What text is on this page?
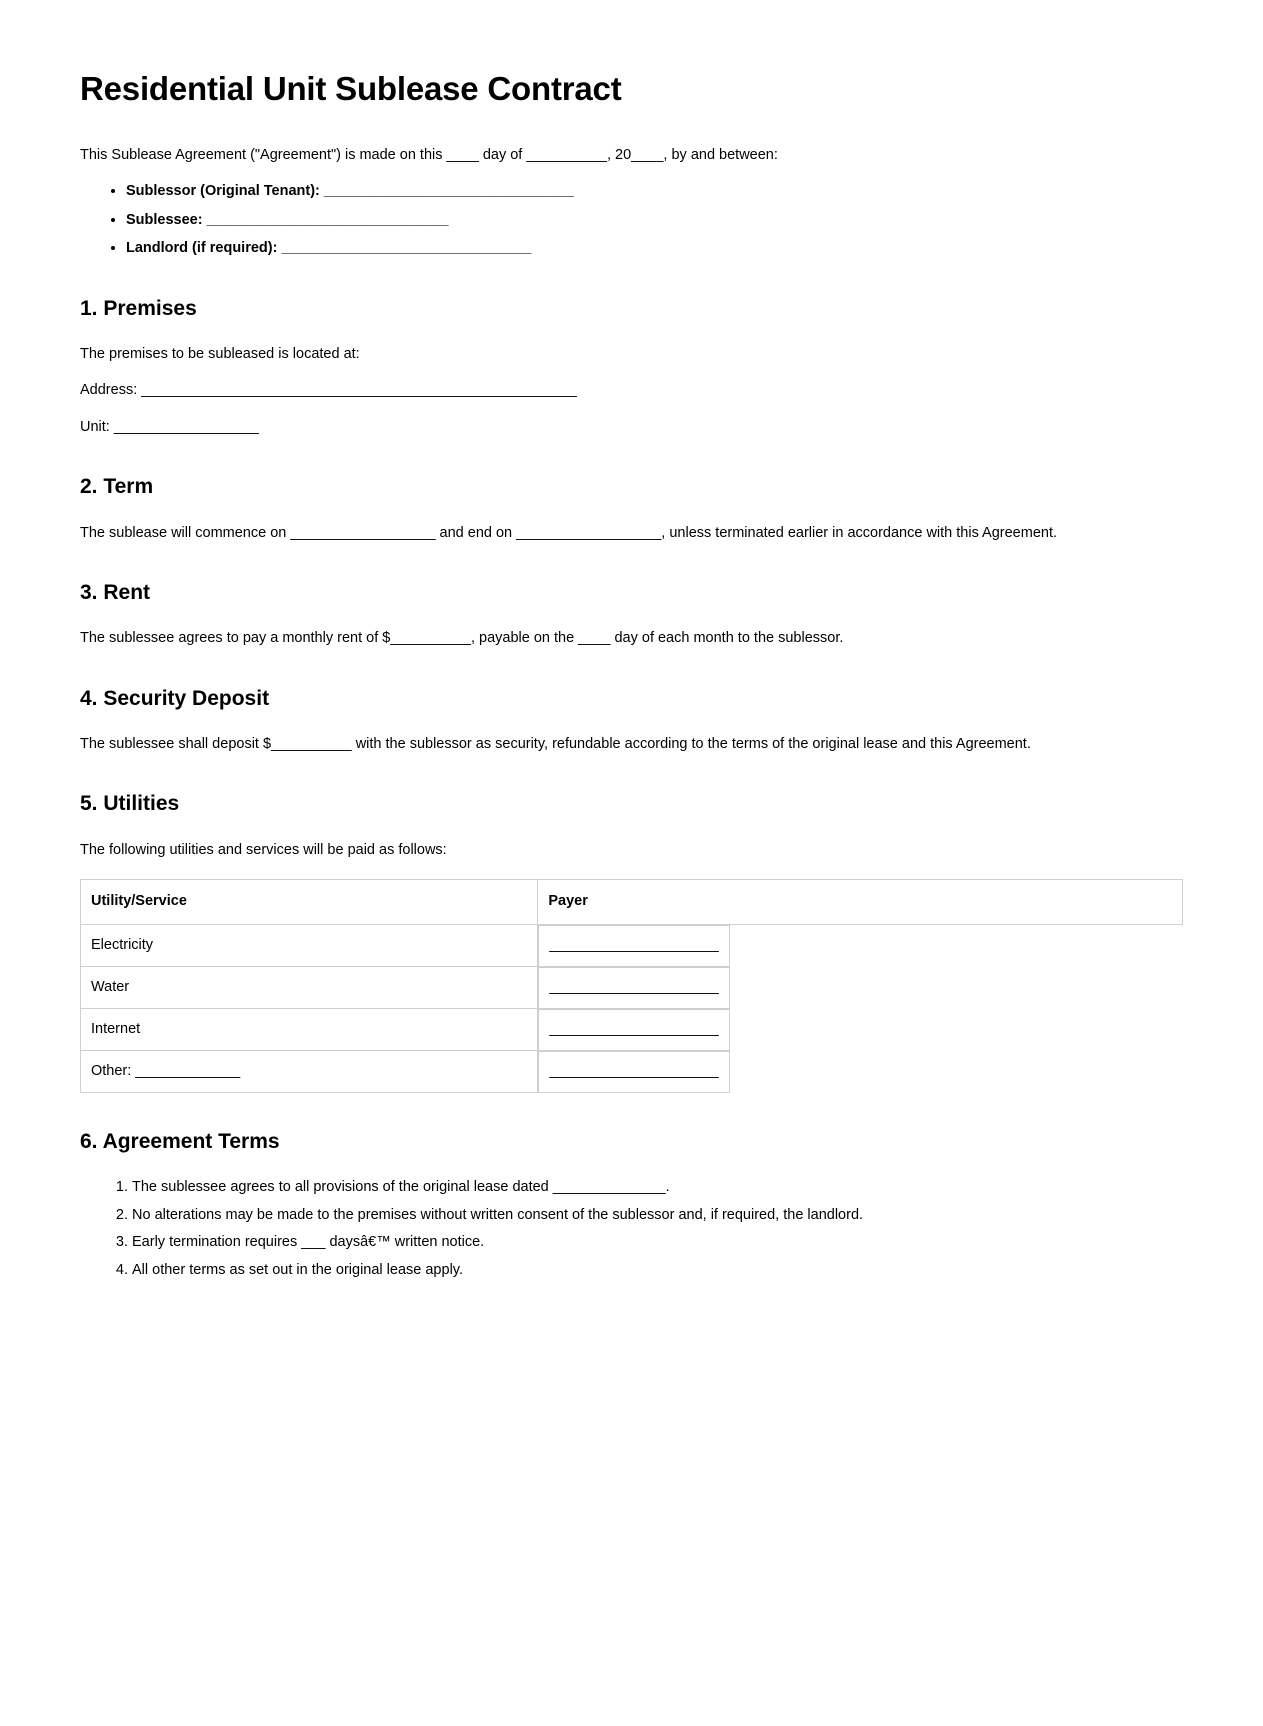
Residential Unit Sublease Contract

This Sublease Agreement ("Agreement") is made on this ____ day of __________, 20____, by and between:

• Sublessor (Original Tenant): _______________________________
• Sublessee: ______________________________
• Landlord (if required): _______________________________
1. Premises

The premises to be subleased is located at:

Address: ______________________________________________________

Unit: __________________

2. Term

The sublease will commence on __________________ and end on __________________, unless terminated earlier in accordance with this Agreement.

3. Rent

The sublessee agrees to pay a monthly rent of $__________, payable on the ____ day of each month to the sublessor.

4. Security Deposit

The sublessee shall deposit $__________ with the sublessor as security, refundable according to the terms of the original lease and this Agreement.

5. Utilities

The following utilities and services will be paid as follows:

Utility/Service	Payer
Electricity		_____________________
Water		_____________________
Internet		_____________________
Other: _____________		_____________________
6. Agreement Terms
1. The sublessee agrees to all provisions of the original lease dated ______________.
2. No alterations may be made to the premises without written consent of the sublessor and, if required, the landlord.
3. Early termination requires ___ daysâ€™ written notice.
4. All other terms as set out in the original lease apply.
